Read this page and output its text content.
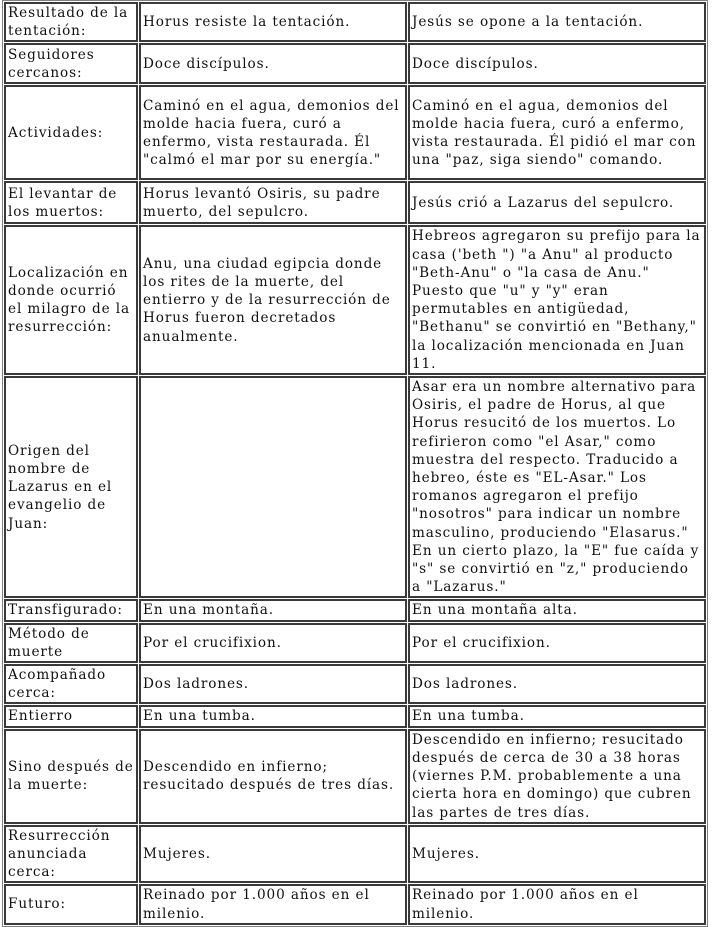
Resultado de la tentación:	Horus resiste la tentación.	Jesús se opone a la tentación.
Seguidores cercanos:	Doce discípulos.	Doce discípulos.
Actividades:	Caminó en el agua, demonios del molde hacia fuera, curó a enfermo, vista restaurada. Él "calmó el mar por su energía."	Caminó en el agua, demonios del molde hacia fuera, curó a enfermo, vista restaurada. Él pidió el mar con una "paz, siga siendo" comando.
El levantar de los muertos:	Horus levantó Osiris, su padre muerto, del sepulcro.	Jesús crió a Lazarus del sepulcro.
Localización en donde ocurrió el milagro de la resurrección:	Anu, una ciudad egipcia donde los rites de la muerte, del entierro y de la resurrección de Horus fueron decretados anualmente.	Hebreos agregaron su prefijo para la casa ('beth ") "a Anu" al producto "Beth-Anu" o "la casa de Anu." Puesto que "u" y "y" eran permutables en antigüedad, "Bethanu" se convirtió en "Bethany," la localización mencionada en Juan 11.
Origen del nombre de Lazarus en el evangelio de Juan:		Asar era un nombre alternativo para Osiris, el padre de Horus, al que Horus resucitó de los muertos. Lo refirieron como "el Asar," como muestra del respecto. Traducido a hebreo, éste es "EL-Asar." Los romanos agregaron el prefijo "nosotros" para indicar un nombre masculino, produciendo "Elasarus." En un cierto plazo, la "E" fue caída y "s" se convirtió en "z," produciendo a "Lazarus."
Transfigurado:	En una montaña.	En una montaña alta.
Método de muerte	Por el crucifixion.	Por el crucifixion.
Acompañado cerca:	Dos ladrones.	Dos ladrones.
Entierro	En una tumba.	En una tumba.
Sino después de la muerte:	Descendido en infierno; resucitado después de tres días.	Descendido en infierno; resucitado después de cerca de 30 a 38 horas (viernes P.M. probablemente a una cierta hora en domingo) que cubren las partes de tres días.
Resurrección anunciada cerca:	Mujeres.	Mujeres.
Futuro:	Reinado por 1.000 años en el milenio.	Reinado por 1.000 años en el milenio.
